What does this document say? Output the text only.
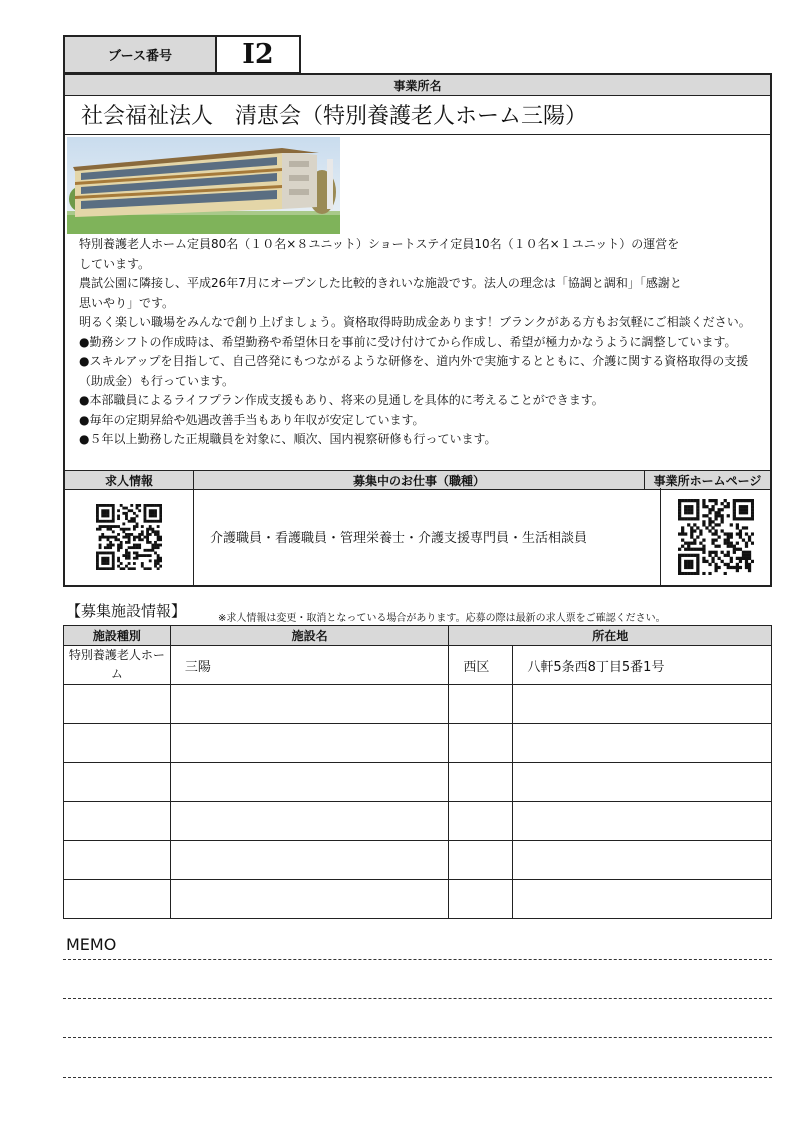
ブース番号	I2
事業所名
社会福祉法人　清恵会（特別養護老人ホーム三陽）

特別養護老人ホーム定員80名（１０名×８ユニット）ショートステイ定員10名（１０名×１ユニット）の運営を

しています。

農試公園に隣接し、平成26年7月にオープンした比較的きれいな施設です。法人の理念は「協調と調和」「感謝と

思いやり」です。

明るく楽しい職場をみんなで創り上げましょう。資格取得時助成金あります！ブランクがある方もお気軽にご相談ください。

●勤務シフトの作成時は、希望勤務や希望休日を事前に受け付けてから作成し、希望が極力かなうように調整しています。

●スキルアップを目指して、自己啓発にもつながるような研修を、道内外で実施するとともに、介護に関する資格取得の支援

（助成金）も行っています。

●本部職員によるライフプラン作成支援もあり、将来の見通しを具体的に考えることができます。

●毎年の定期昇給や処遇改善手当もあり年収が安定しています。

●５年以上勤務した正規職員を対象に、順次、国内視察研修も行っています。

求人情報	募集中のお仕事（職種）	事業所ホームページ
介護職員・看護職員・管理栄養士・介護支援専門員・生活相談員
【募集施設情報】	※求人情報は変更・取消となっている場合があります。応募の際は最新の求人票をご確認ください。
施設種別	施設名	所在地	
特別養護老人ホーム	三陽	西区	八軒5条西8丁目5番1号

MEMO
